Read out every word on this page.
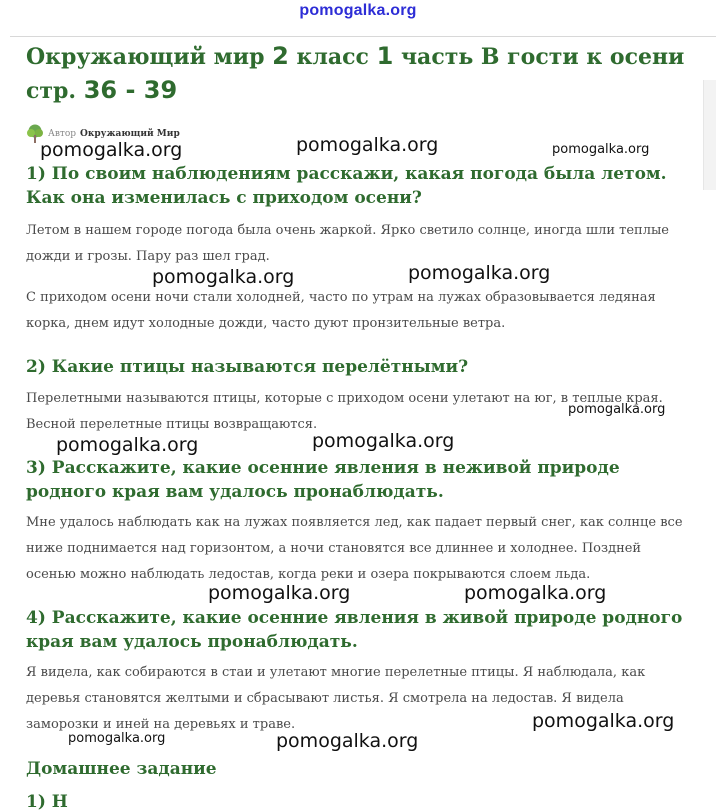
pomogalka.org
Окружающий мир 2 класс 1 часть В гости к осени стр. 36 - 39
Автор Окружающий Мир
1) По своим наблюдениям расскажи, какая погода была летом. Как она изменилась с приходом осени?

Летом в нашем городе погода была очень жаркой. Ярко светило солнце, иногда шли теплые дожди и грозы. Пару раз шел град.

С приходом осени ночи стали холодней, часто по утрам на лужах образовывается ледяная корка, днем идут холодные дожди, часто дуют пронзительные ветра.

2) Какие птицы называются перелётными?

Перелетными называются птицы, которые с приходом осени улетают на юг, в теплые края. Весной перелетные птицы возвращаются.

3) Расскажите, какие осенние явления в неживой природе родного края вам удалось пронаблюдать.

Мне удалось наблюдать как на лужах появляется лед, как падает первый снег, как солнце все ниже поднимается над горизонтом, а ночи становятся все длиннее и холоднее. Поздней осенью можно наблюдать ледостав, когда реки и озера покрываются слоем льда.

4) Расскажите, какие осенние явления в живой природе родного края вам удалось пронаблюдать.

Я видела, как собираются в стаи и улетают многие перелетные птицы. Я наблюдала, как деревья становятся желтыми и сбрасывают листья. Я смотрела на ледостав. Я видела заморозки и иней на деревьях и траве.

Домашнее задание
1) Н
pomogalka.org	pomogalka.org	pomogalka.org
pomogalka.org	pomogalka.org
pomogalka.org
pomogalka.org	pomogalka.org
pomogalka.org	pomogalka.org
pomogalka.org
pomogalka.org	pomogalka.org
